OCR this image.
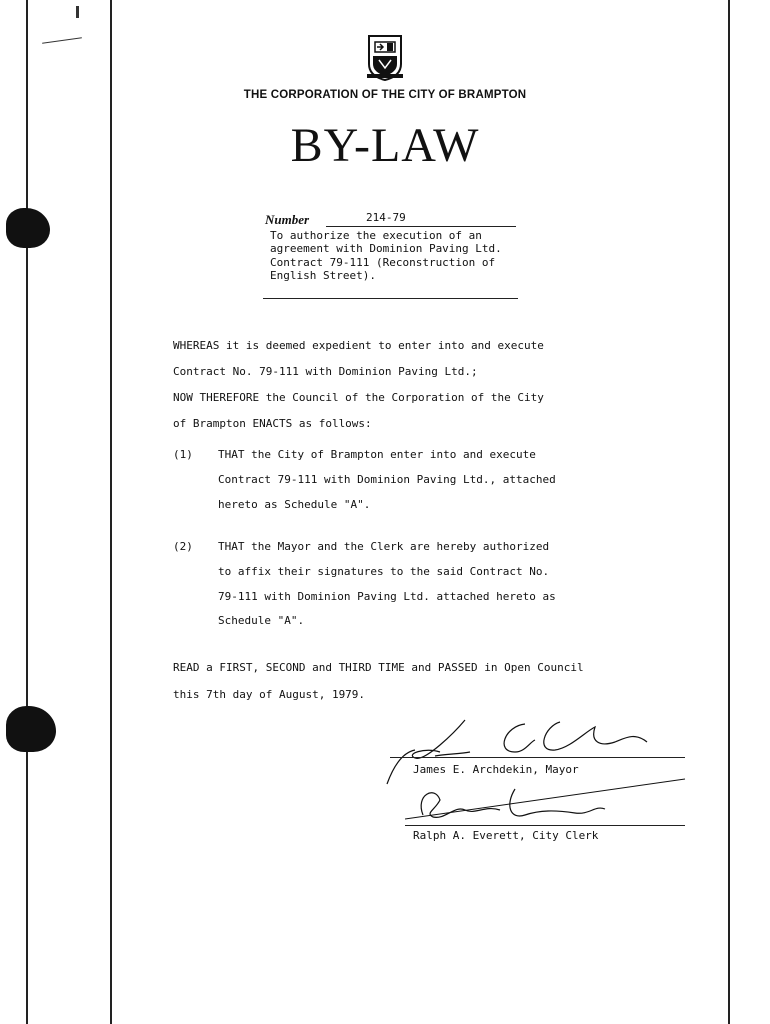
THE CORPORATION OF THE CITY OF BRAMPTON
BY-LAW
Number	214-79
To authorize the execution of an
agreement with Dominion Paving Ltd.
Contract 79-111 (Reconstruction of
English Street).
WHEREAS it is deemed expedient to enter into and execute
Contract No. 79-111 with Dominion Paving Ltd.;
NOW THEREFORE the Council of the Corporation of the City
of Brampton ENACTS as follows:
(1) THAT the City of Brampton enter into and execute
Contract 79-111 with Dominion Paving Ltd., attached
hereto as Schedule "A".
(2) THAT the Mayor and the Clerk are hereby authorized
to affix their signatures to the said Contract No.
79-111 with Dominion Paving Ltd. attached hereto as
Schedule "A".
READ a FIRST, SECOND and THIRD TIME and PASSED in Open Council
this 7th day of August, 1979.
James E. Archdekin, Mayor
Ralph A. Everett, City Clerk
